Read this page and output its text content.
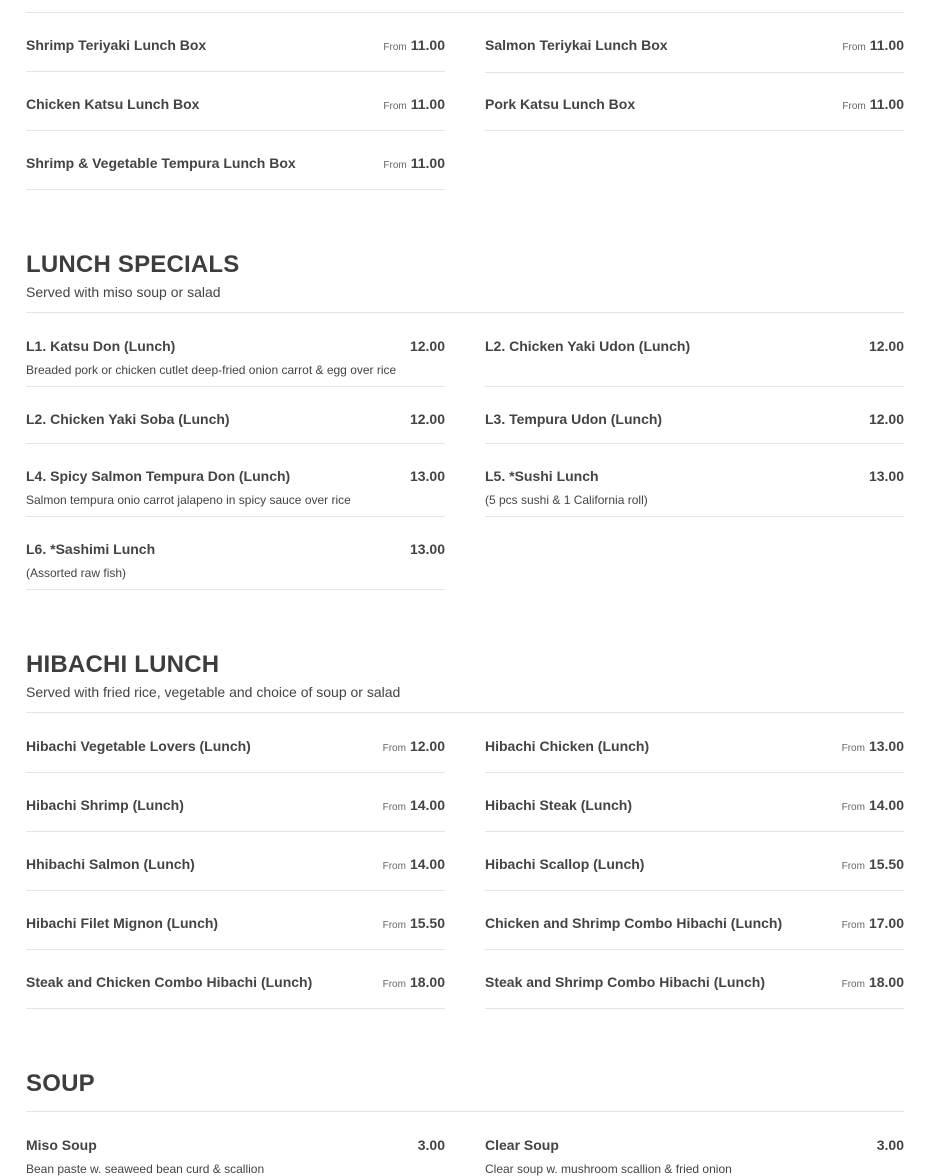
Shrimp Teriyaki Lunch Box	From 11.00	Salmon Teriykai Lunch Box	From 11.00
Chicken Katsu Lunch Box	From 11.00	Pork Katsu Lunch Box	From 11.00
Shrimp & Vegetable Tempura Lunch Box	From 11.00
LUNCH SPECIALS
Served with miso soup or salad
L1. Katsu Don (Lunch)	12.00
Breaded pork or chicken cutlet deep-fried onion carrot & egg over rice
L2. Chicken Yaki Udon (Lunch)	12.00
L2. Chicken Yaki Soba (Lunch)	12.00	L3. Tempura Udon (Lunch)	12.00
L4. Spicy Salmon Tempura Don (Lunch)	13.00
Salmon tempura onio carrot jalapeno in spicy sauce over rice
L5. *Sushi Lunch	13.00
(5 pcs sushi & 1 California roll)
L6. *Sashimi Lunch	13.00
(Assorted raw fish)
HIBACHI LUNCH
Served with fried rice, vegetable and choice of soup or salad
Hibachi Vegetable Lovers (Lunch)	From 12.00	Hibachi Chicken (Lunch)	From 13.00
Hibachi Shrimp (Lunch)	From 14.00	Hibachi Steak (Lunch)	From 14.00
Hhibachi Salmon (Lunch)	From 14.00	Hibachi Scallop (Lunch)	From 15.50
Hibachi Filet Mignon (Lunch)	From 15.50	Chicken and Shrimp Combo Hibachi (Lunch)	From 17.00
Steak and Chicken Combo Hibachi (Lunch)	From 18.00	Steak and Shrimp Combo Hibachi (Lunch)	From 18.00
SOUP
Miso Soup	3.00
Bean paste w. seaweed bean curd & scallion
Clear Soup	3.00
Clear soup w. mushroom scallion & fried onion
